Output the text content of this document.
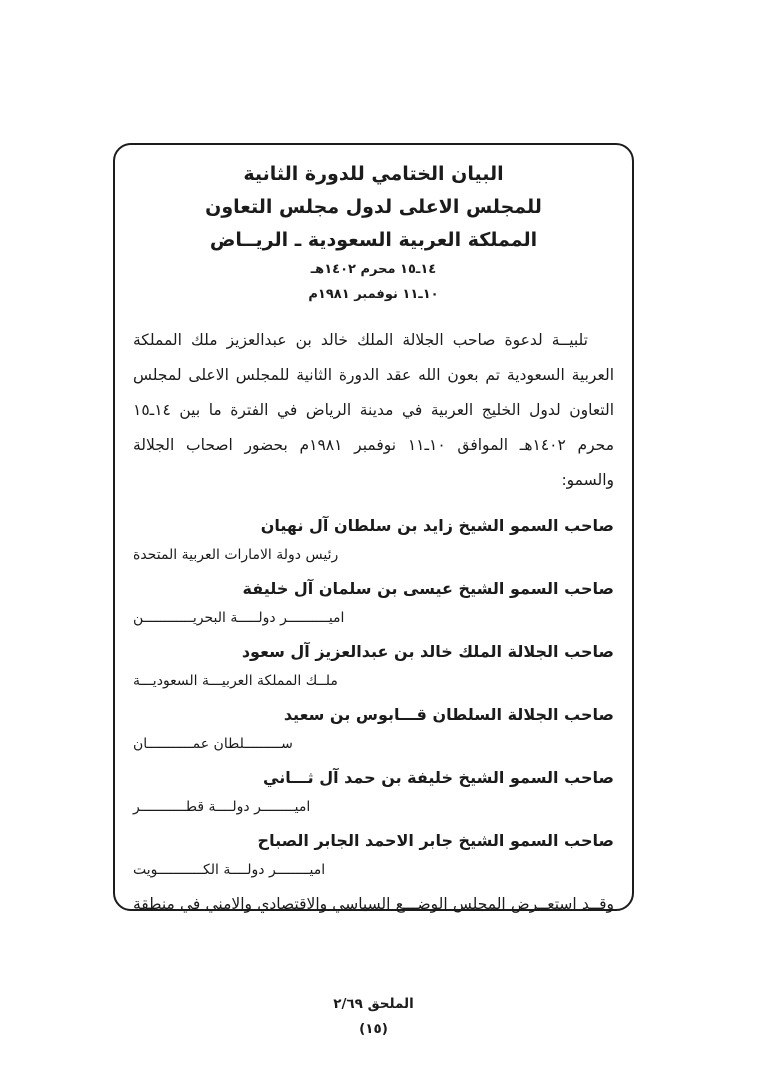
البيان الختامي للدورة الثانية
للمجلس الاعلى لدول مجلس التعاون
المملكة العربية السعودية ـ الريــاض
١٤ـ١٥ محرم ١٤٠٢هـ
١٠ـ١١ نوفمبر ١٩٨١م

تلبيــة لدعوة صاحب الجلالة الملك خالد بن عبدالعزيز ملك المملكة العربية السعودية تم بعون الله عقد الدورة الثانية للمجلس الاعلى لمجلس التعاون لدول الخليج العربية في مدينة الرياض في الفترة ما بين ١٤ـ١٥ محرم ١٤٠٢هـ الموافق ١٠ـ١١ نوفمبر ١٩٨١م بحضور اصحاب الجلالة والسمو:

صاحب السمو الشيخ زايد بن سلطان آل نهيان
رئيس دولة الامارات العربية المتحدة
صاحب السمو الشيخ عيسى بن سلمان آل خليفة
اميــــــــــر دولـــــة البحريــــــــــــن
صاحب الجلالة الملك خالد بن عبدالعزيز آل سعود
ملــك المملكة العربيـــة السعوديـــة
صاحب الجلالة السلطان قـــابوس بن سعيد
ســـــــــلطان عمـــــــــــان
صاحب السمو الشيخ خليفة بن حمد آل ثـــاني
اميــــــــر دولــــة قطـــــــــــر
صاحب السمو الشيخ جابر الاحمد الجابر الصباح
اميــــــــر دولــــة الكـــــــــــويت

وقــد استعــرض المجلس الوضـــع السياسي والاقتصادي والامني في منطقة

الملحق ٢/٦٩
(١٥)
